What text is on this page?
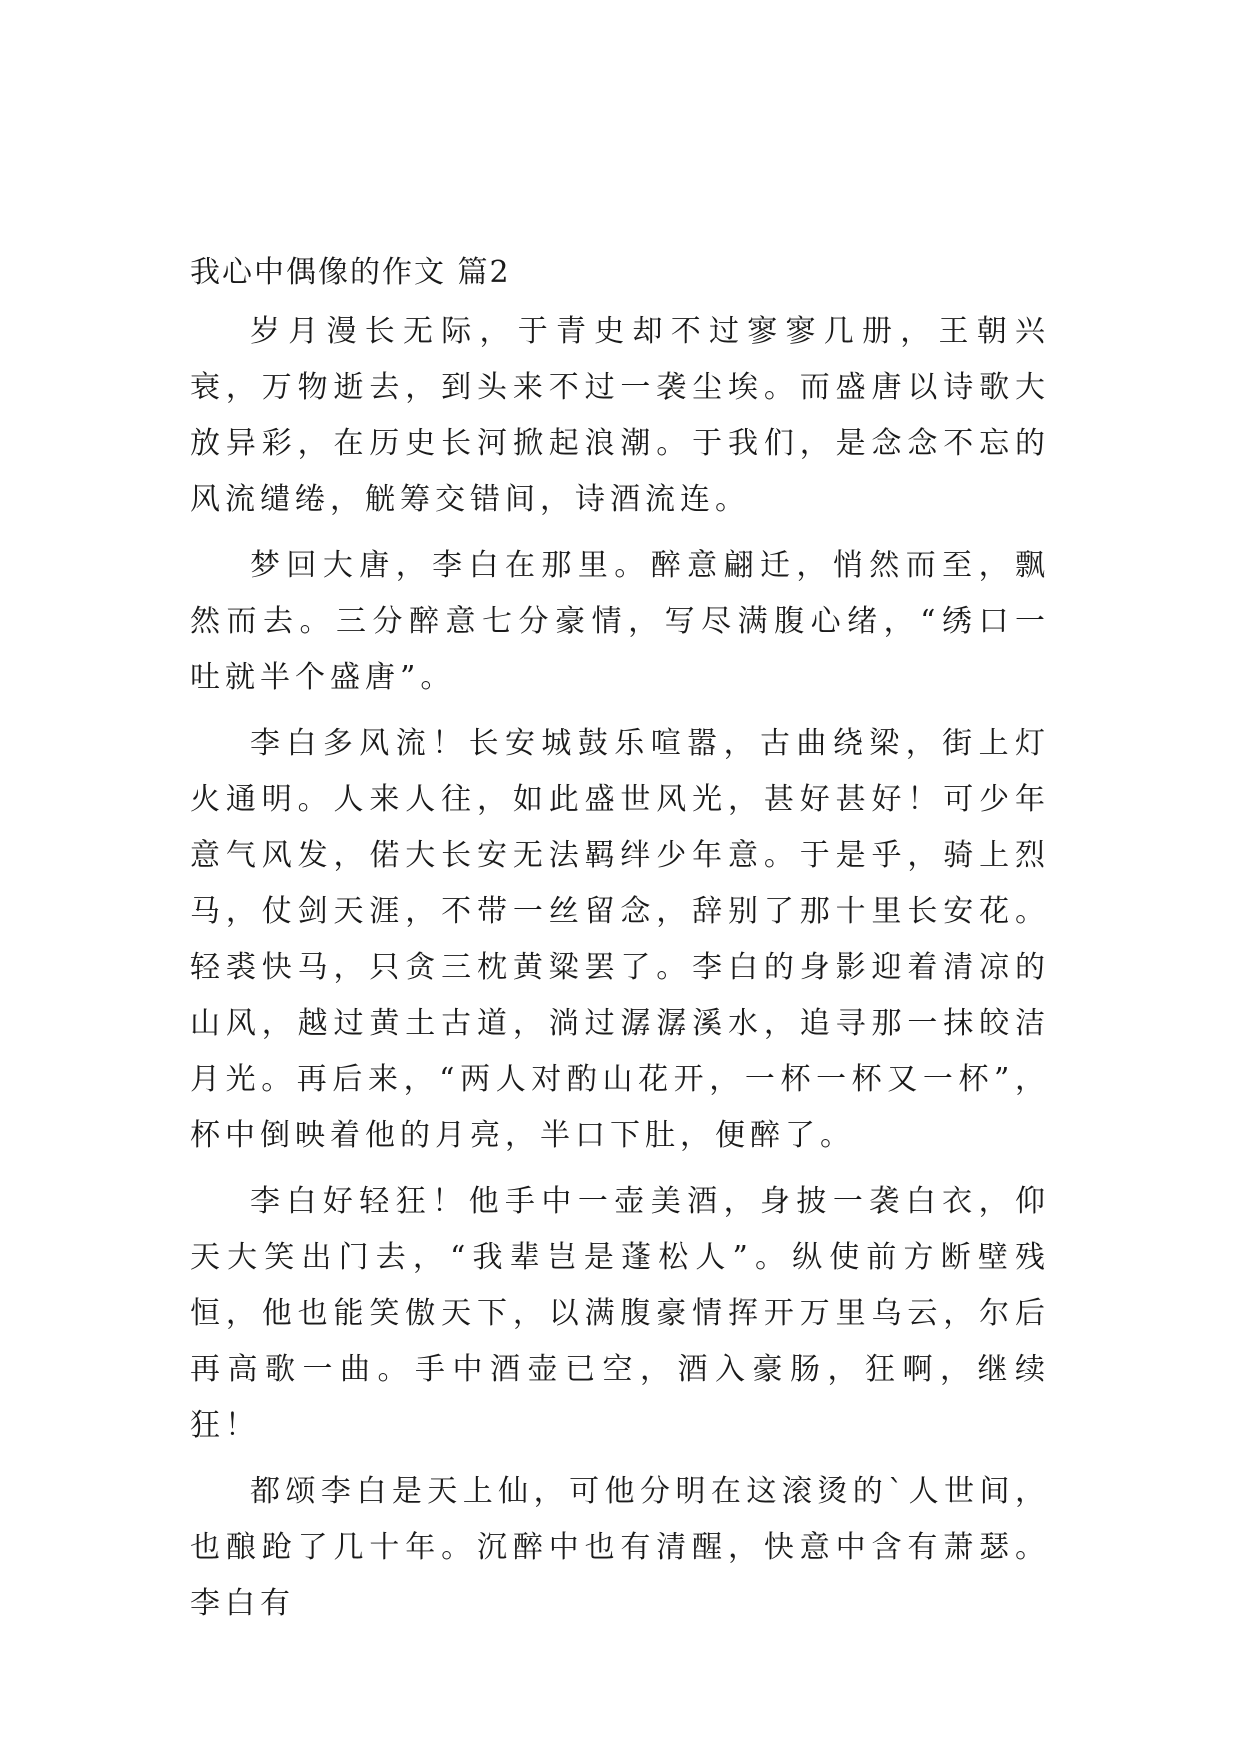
我心中偶像的作文 篇2

岁月漫长无际，于青史却不过寥寥几册，王朝兴衰，万物逝去，到头来不过一袭尘埃。而盛唐以诗歌大放异彩，在历史长河掀起浪潮。于我们，是念念不忘的风流缱绻，觥筹交错间，诗酒流连。

梦回大唐，李白在那里。醉意翩迁，悄然而至，飘然而去。三分醉意七分豪情，写尽满腹心绪，“绣口一吐就半个盛唐”。

李白多风流！长安城鼓乐喧嚣，古曲绕梁，街上灯火通明。人来人往，如此盛世风光，甚好甚好！可少年意气风发，偌大长安无法羁绊少年意。于是乎，骑上烈马，仗剑天涯，不带一丝留念，辞别了那十里长安花。轻裘快马，只贪三枕黄粱罢了。李白的身影迎着清凉的山风，越过黄土古道，淌过潺潺溪水，追寻那一抹皎洁月光。再后来，“两人对酌山花开，一杯一杯又一杯”，杯中倒映着他的月亮，半口下肚，便醉了。

李白好轻狂！他手中一壶美酒，身披一袭白衣，仰天大笑出门去，“我辈岂是蓬松人”。纵使前方断壁残恒，他也能笑傲天下，以满腹豪情挥开万里乌云，尔后再高歌一曲。手中酒壶已空，酒入豪肠，狂啊，继续狂！

都颂李白是天上仙，可他分明在这滚烫的`人世间，也酿跄了几十年。沉醉中也有清醒，快意中含有萧瑟。李白有
